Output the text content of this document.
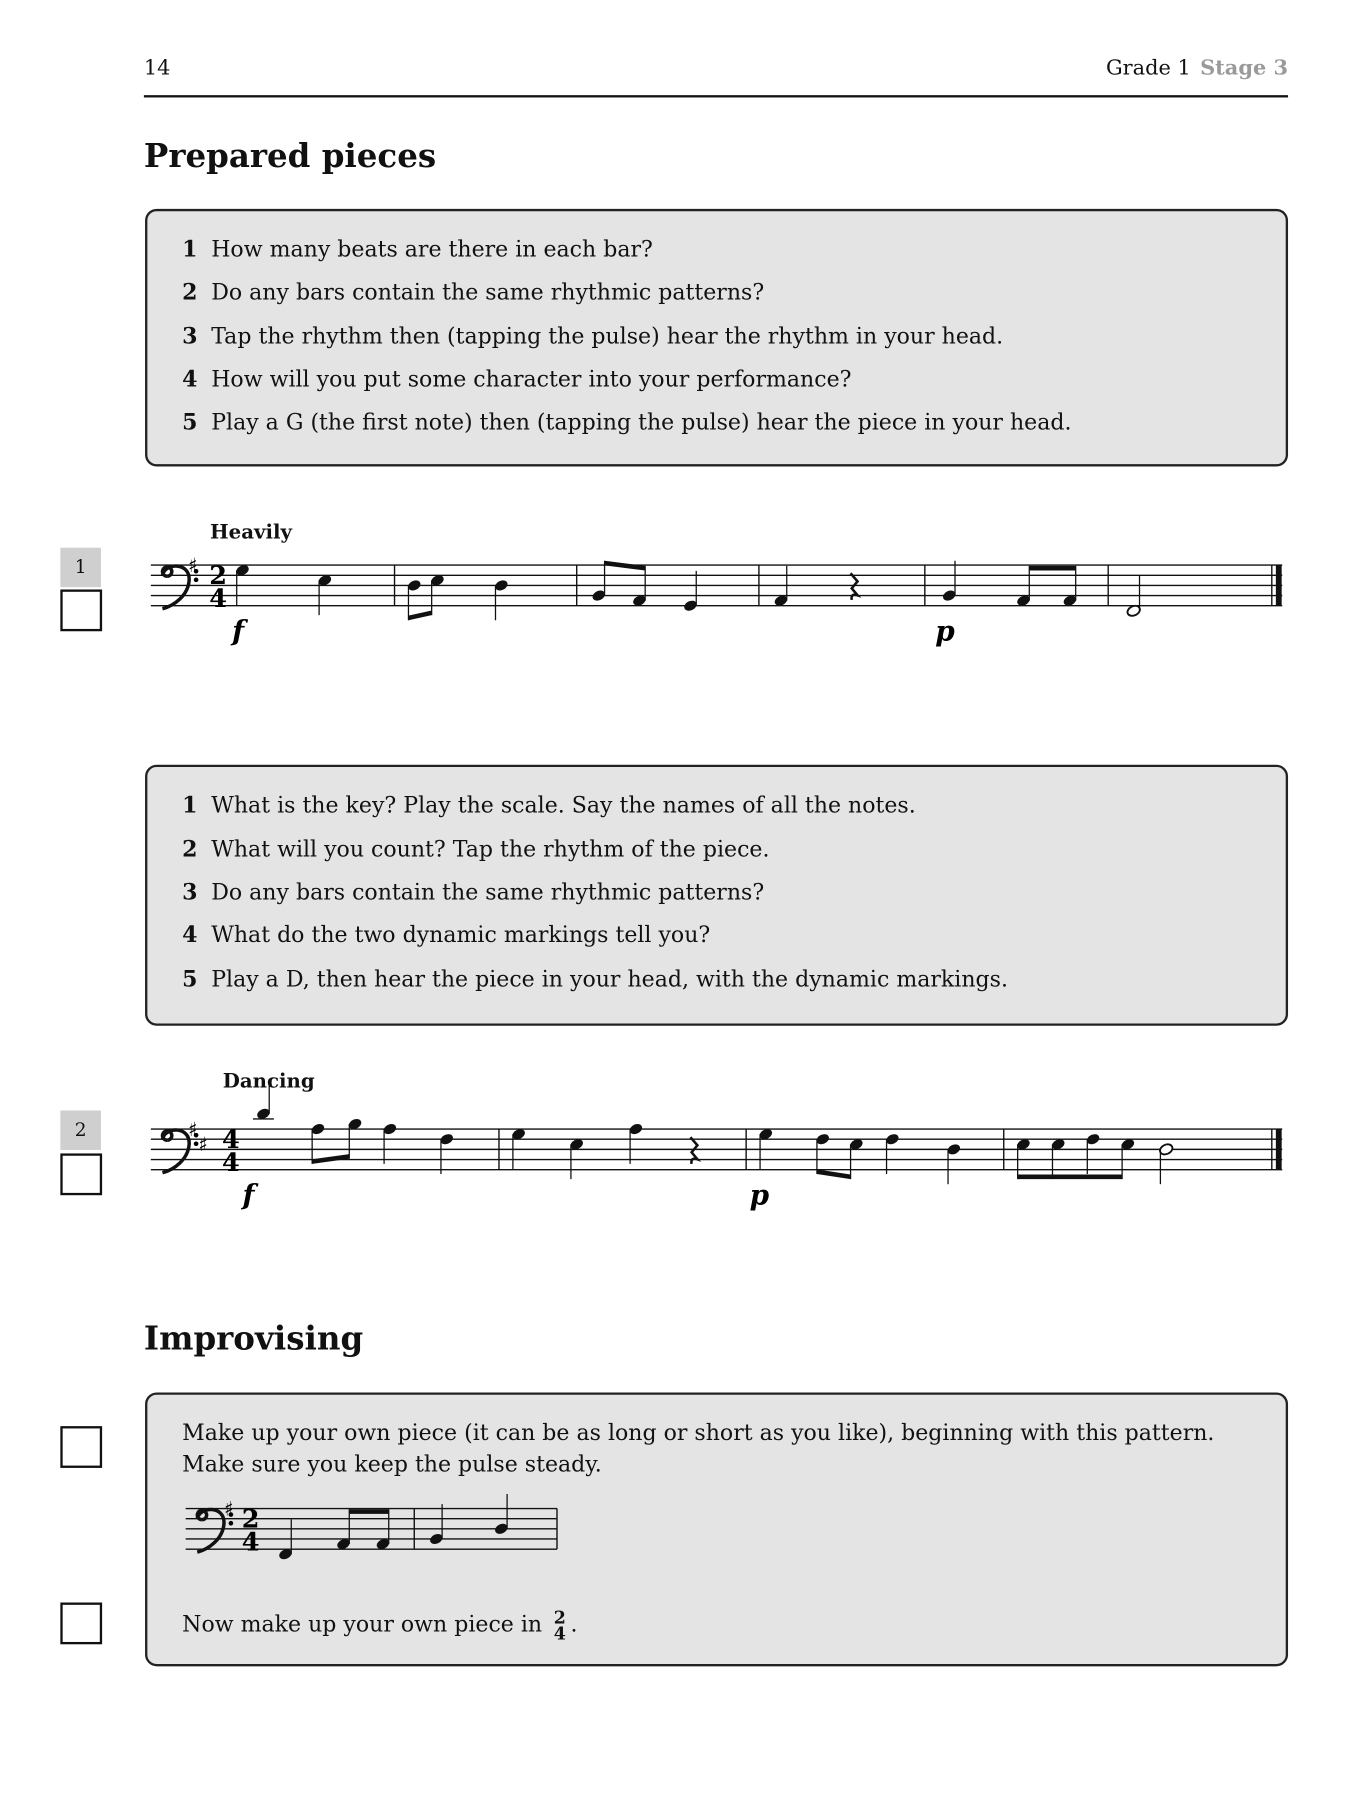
14	Grade 1 Stage 3
Prepared pieces
1 How many beats are there in each bar?
2 Do any bars contain the same rhythmic patterns?
3 Tap the rhythm then (tapping the pulse) hear the rhythm in your head.
4 How will you put some character into your performance?
5 Play a G (the first note) then (tapping the pulse) hear the piece in your head.
Heavily
1	♯ 2
4
f	p
1 What is the key? Play the scale. Say the names of all the notes.
2 What will you count? Tap the rhythm of the piece.
3 Do any bars contain the same rhythmic patterns?
4 What do the two dynamic markings tell you?
5 Play a D, then hear the piece in your head, with the dynamic markings.
Dancing
2	♯
♯ 4
4
f	p
Improvising
Make up your own piece (it can be as long or short as you like), beginning with this pattern.
Make sure you keep the pulse steady.
Now make up your own piece in 2
4 .
♯ 2
4
